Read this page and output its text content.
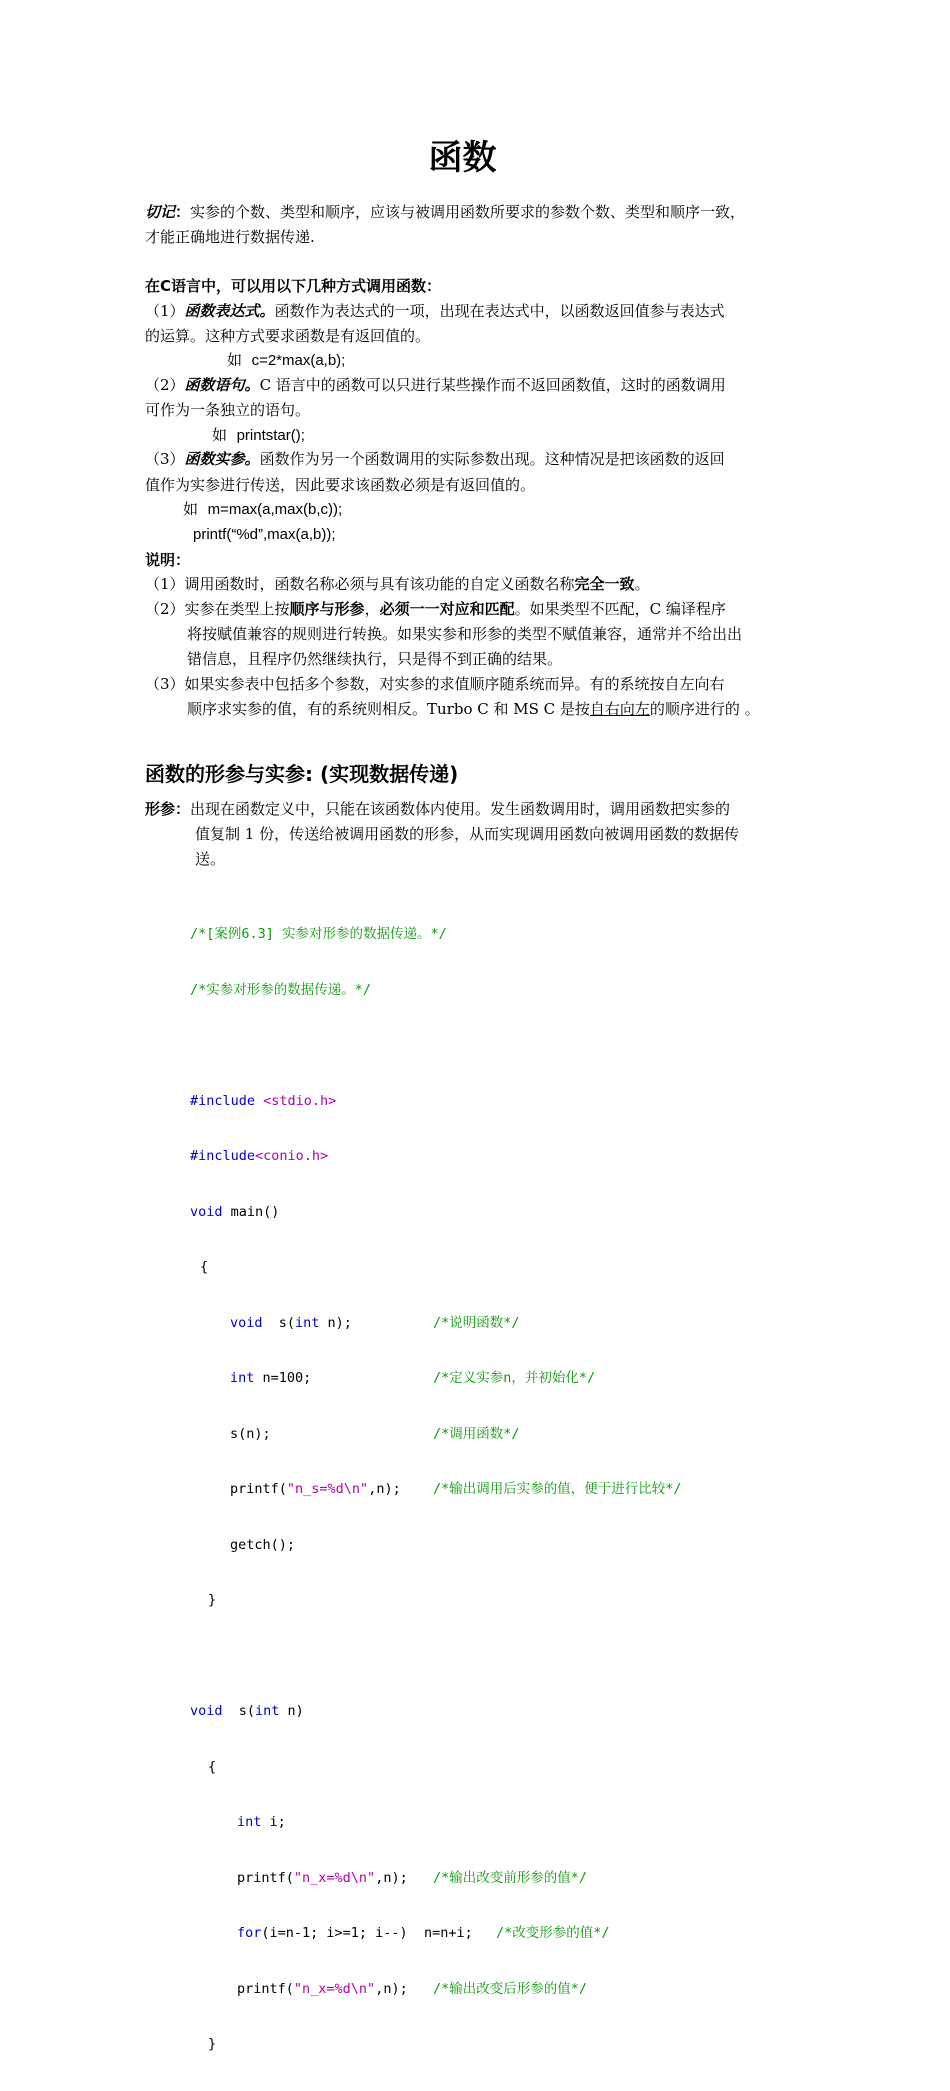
函数
切记：实参的个数、类型和顺序，应该与被调用函数所要求的参数个数、类型和顺序一致，
才能正确地进行数据传递.
在C语言中，可以用以下几种方式调用函数：
（1）函数表达式。函数作为表达式的一项，出现在表达式中，以函数返回值参与表达式
的运算。这种方式要求函数是有返回值的。
如 c=2*max(a,b);
（2）函数语句。C 语言中的函数可以只进行某些操作而不返回函数值，这时的函数调用
可作为一条独立的语句。
如 printstar();
（3）函数实参。函数作为另一个函数调用的实际参数出现。这种情况是把该函数的返回
值作为实参进行传送，因此要求该函数必须是有返回值的。
如 m=max(a,max(b,c));
printf(“%d”,max(a,b));
说明：
（1）调用函数时，函数名称必须与具有该功能的自定义函数名称完全一致。
（2）实参在类型上按顺序与形参，必须一一对应和匹配。如果类型不匹配，C 编译程序
将按赋值兼容的规则进行转换。如果实参和形参的类型不赋值兼容，通常并不给出出
错信息，且程序仍然继续执行，只是得不到正确的结果。
（3）如果实参表中包括多个参数，对实参的求值顺序随系统而异。有的系统按自左向右
顺序求实参的值，有的系统则相反。Turbo C 和 MS C 是按自右向左的顺序进行的 。
函数的形参与实参: (实现数据传递)
形参：出现在函数定义中，只能在该函数体内使用。发生函数调用时，调用函数把实参的
值复制 1 份，传送给被调用函数的形参，从而实现调用函数向被调用函数的数据传
送。

/*[案例6.3] 实参对形参的数据传递。*/

/*实参对形参的数据传递。*/

#include <stdio.h>

#include<conio.h>

void main()

{

void  s(int n);	/*说明函数*/

int n=100;	/*定义实参n，并初始化*/

s(n);	/*调用函数*/

printf("n_s=%d\n",n); /*输出调用后实参的值，便于进行比较*/

getch();

}

void  s(int n)

{

int i;

printf("n_x=%d\n",n); /*输出改变前形参的值*/

for(i=n-1; i>=1; i--)  n=n+i; /*改变形参的值*/

printf("n_x=%d\n",n); /*输出改变后形参的值*/

}
